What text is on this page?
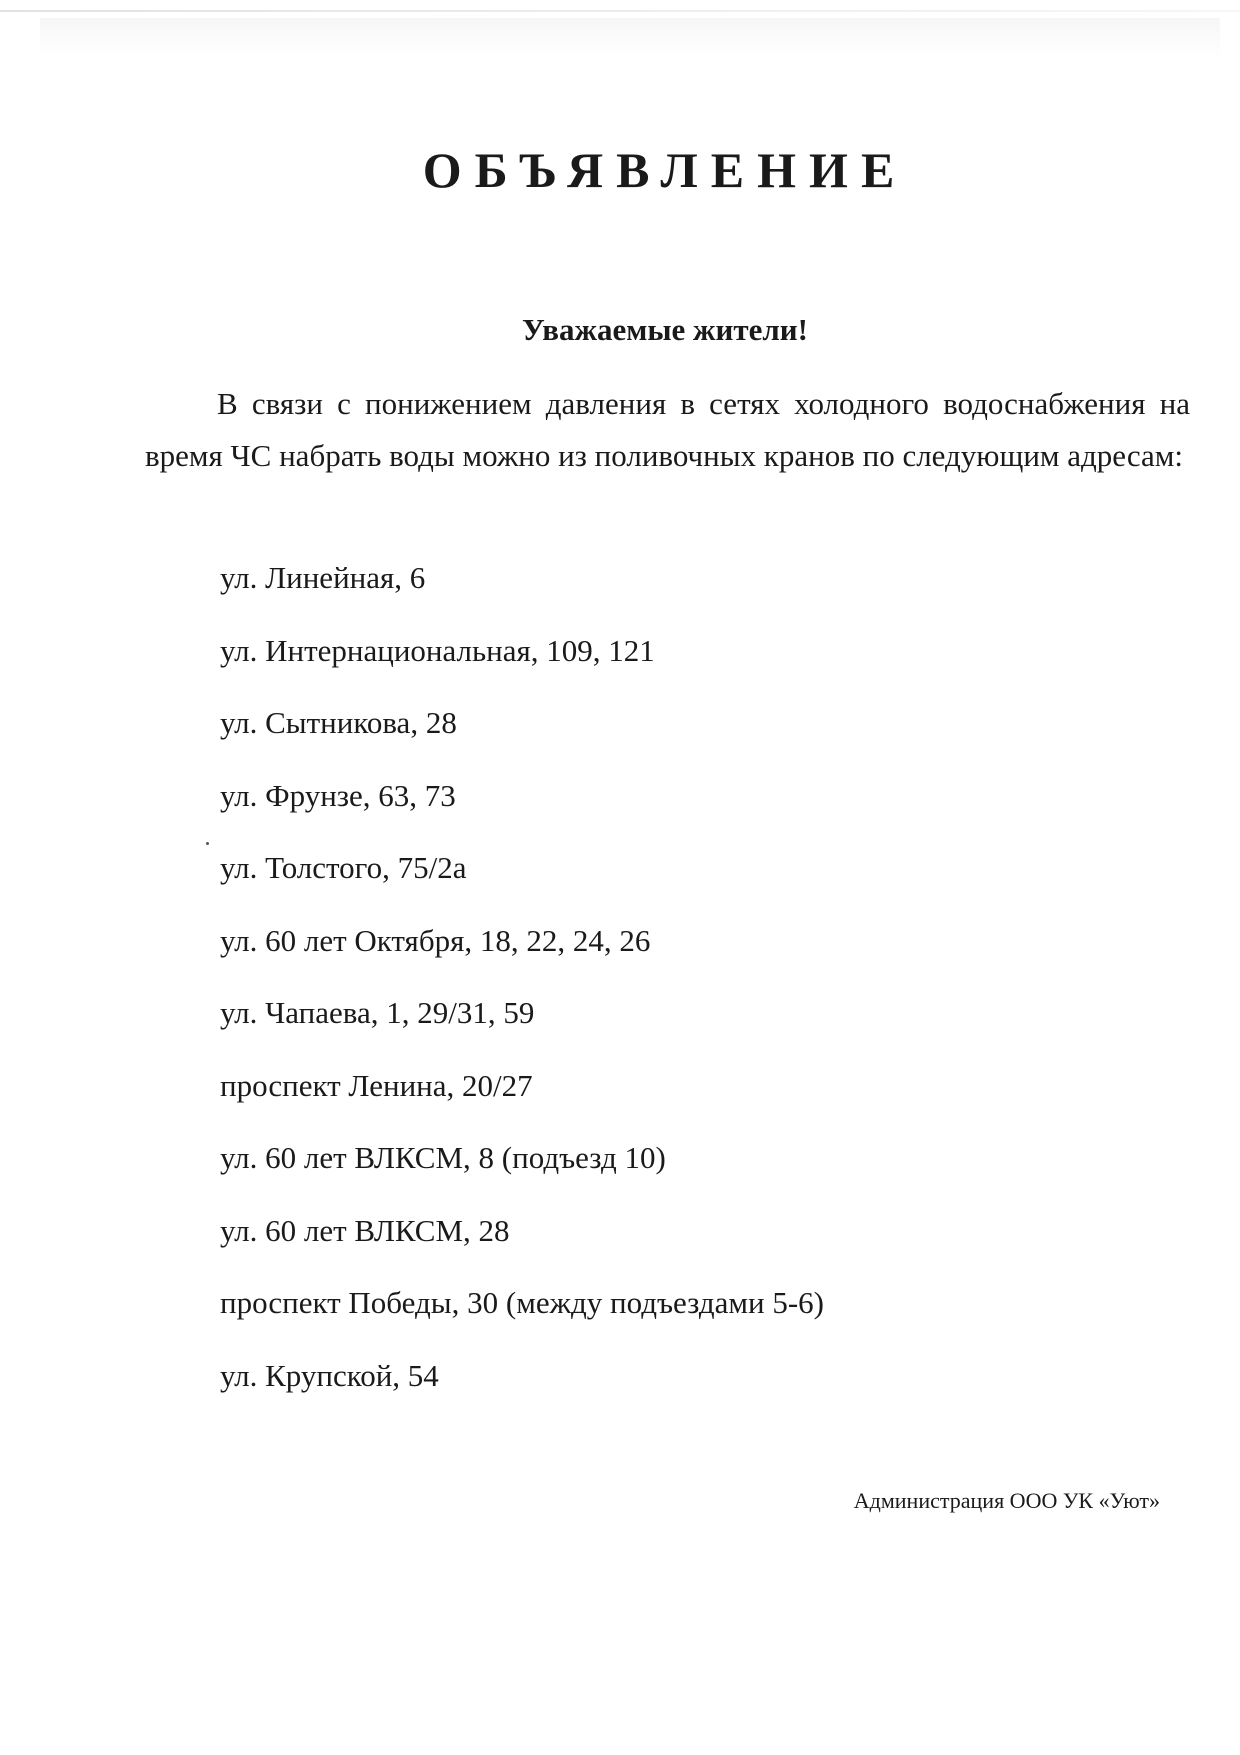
ОБЪЯВЛЕНИЕ
Уважаемые жители!

В связи с понижением давления в сетях холодного водоснабжения на время ЧС набрать воды можно из поливочных кранов по следующим адресам:

ул. Линейная, 6
ул. Интернациональная, 109, 121
ул. Сытникова, 28
ул. Фрунзе, 63, 73
ул. Толстого, 75/2а
ул. 60 лет Октября, 18, 22, 24, 26
ул. Чапаева, 1, 29/31, 59
проспект Ленина, 20/27
ул. 60 лет ВЛКСМ, 8 (подъезд 10)
ул. 60 лет ВЛКСМ, 28
проспект Победы, 30 (между подъездами 5-6)
ул. Крупской, 54
Администрация ООО УК «Уют»
